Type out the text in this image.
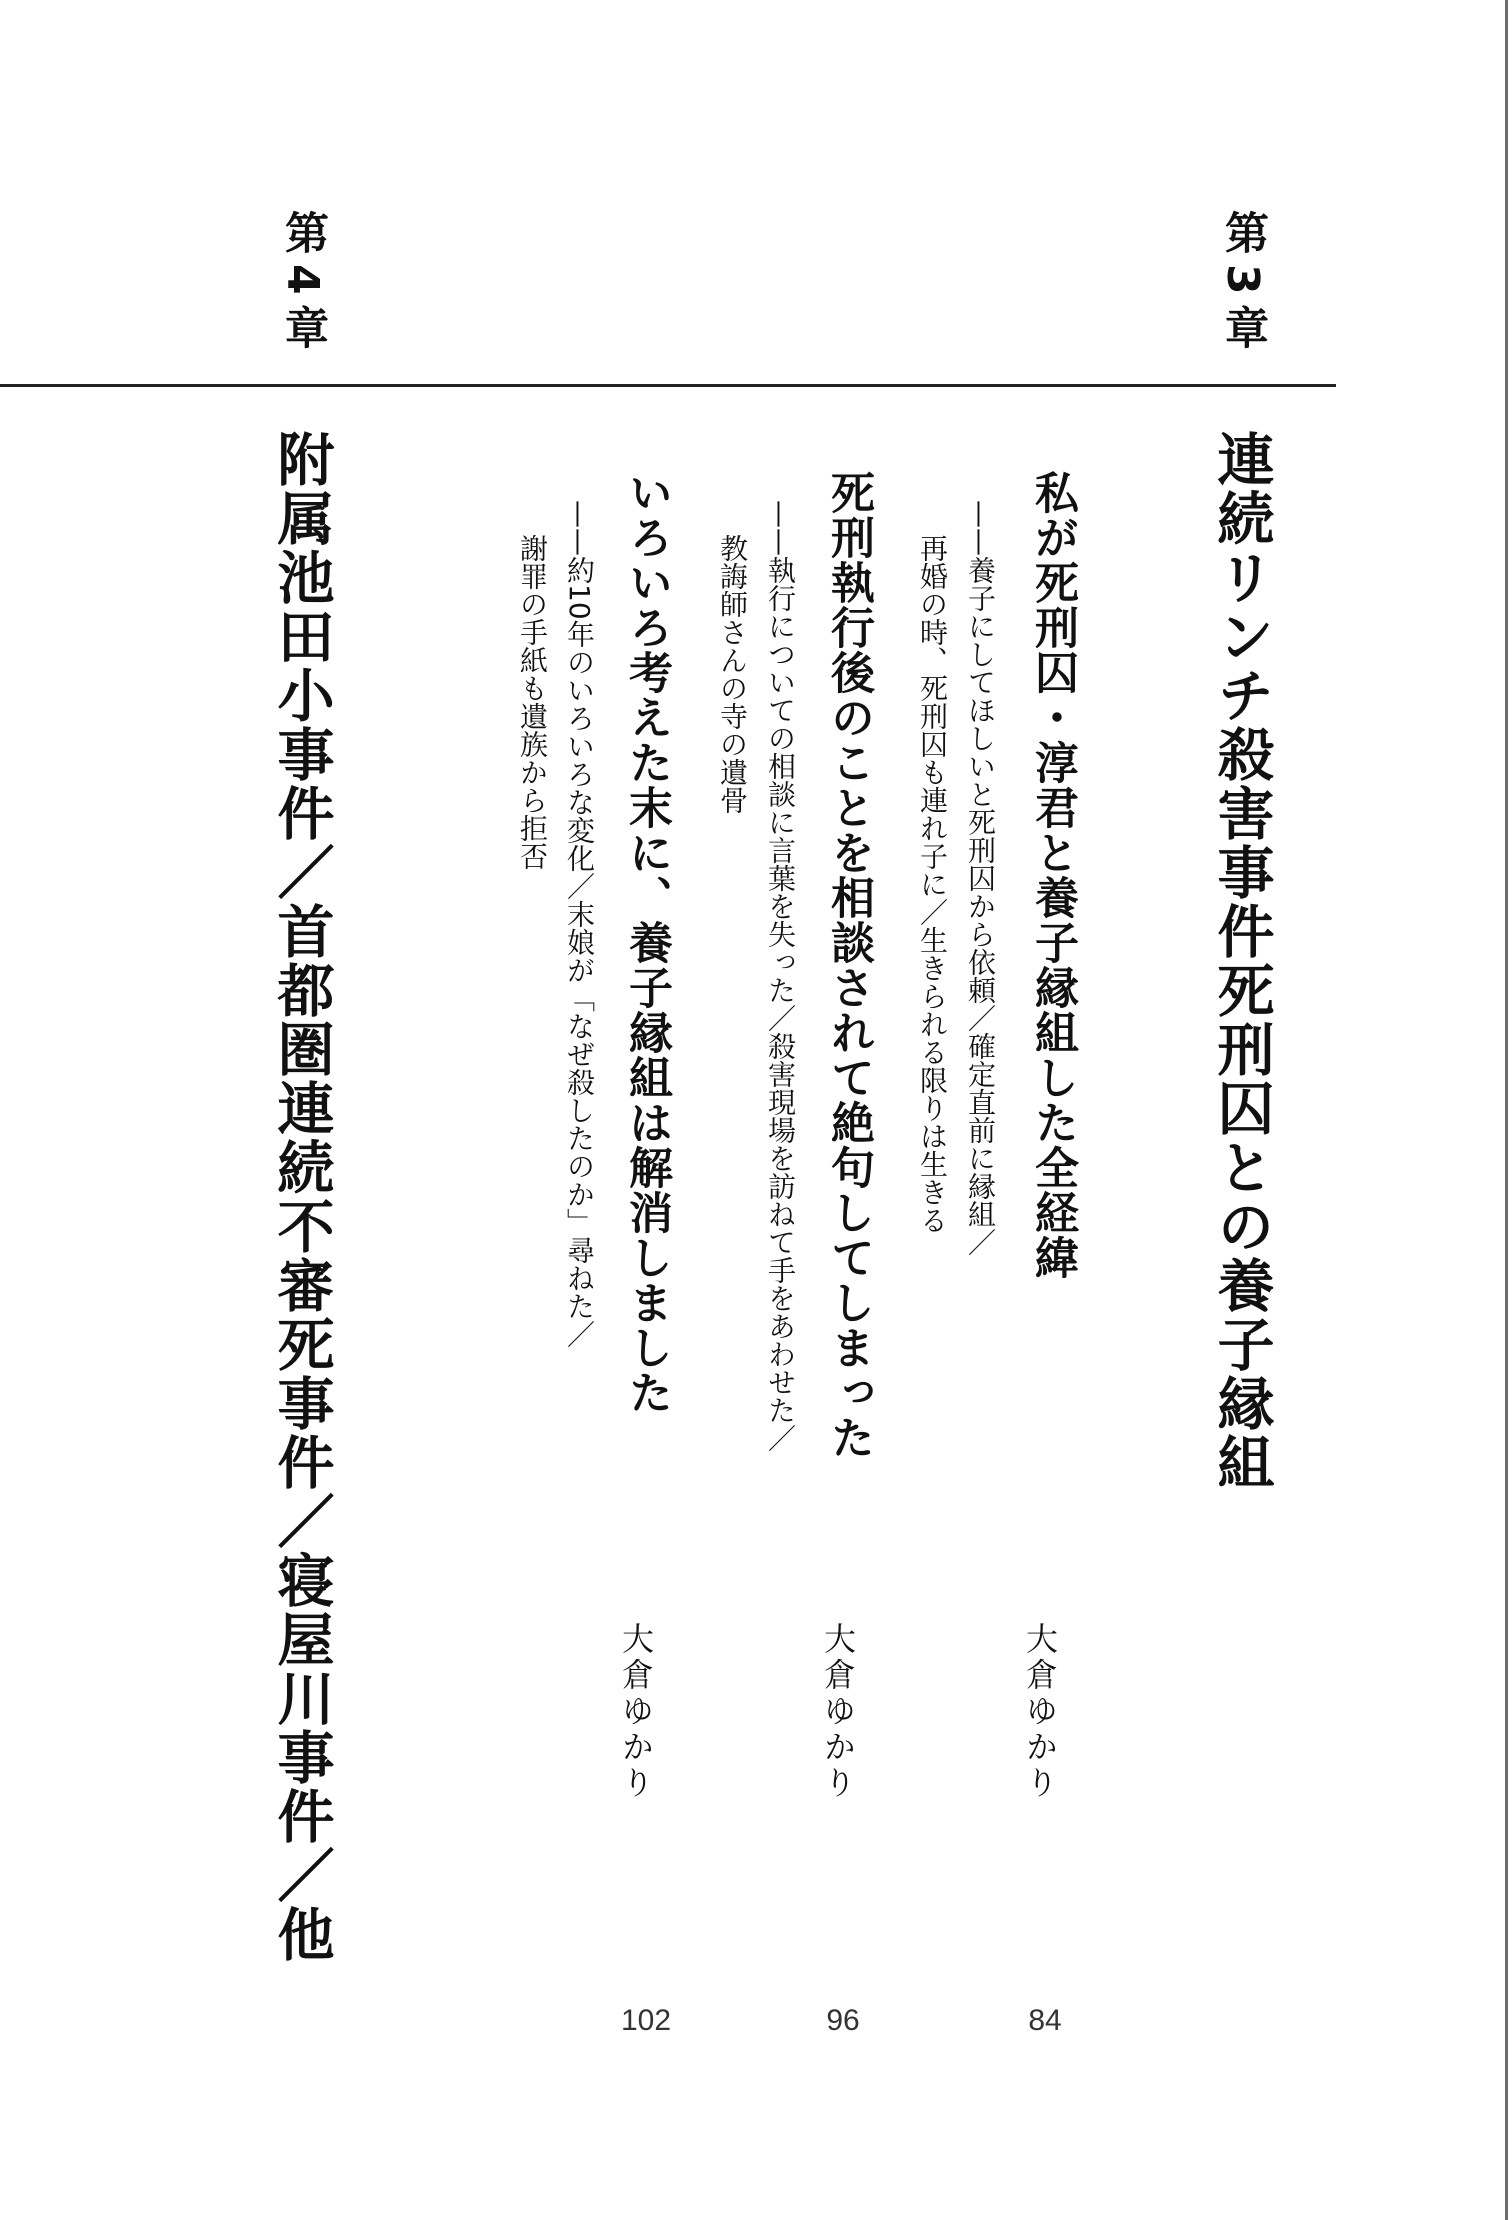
第3章
連続リンチ殺害事件死刑囚との養子縁組
私が死刑囚・淳君と養子縁組した全経緯
——養子にしてほしいと死刑囚から依頼／確定直前に縁組／
再婚の時、死刑囚も連れ子に／生きられる限りは生きる
大倉ゆかり
84
死刑執行後のことを相談されて絶句してしまった
——執行についての相談に言葉を失った／殺害現場を訪ねて手をあわせた／
教誨師さんの寺の遺骨
大倉ゆかり
96
いろいろ考えた末に、養子縁組は解消しました
——約10年のいろいろな変化／末娘が「なぜ殺したのか」尋ねた／
謝罪の手紙も遺族から拒否
大倉ゆかり
102
第4章
附属池田小事件／首都圏連続不審死事件／寝屋川事件／他
